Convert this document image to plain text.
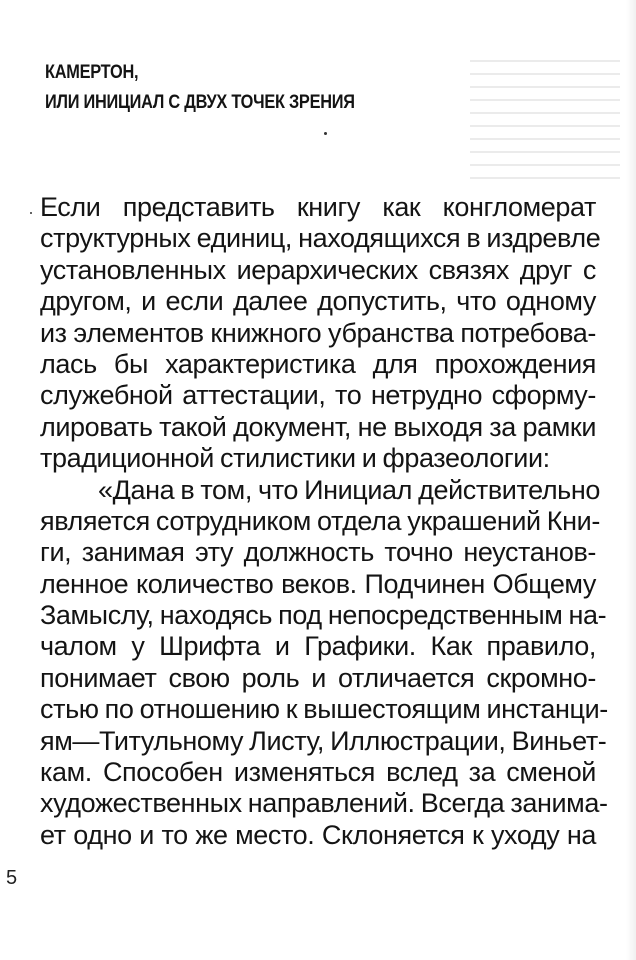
КАМЕРТОН,
ИЛИ ИНИЦИАЛ С ДВУХ ТОЧЕК ЗРЕНИЯ
Если представить книгу как конгломерат
структурных единиц, находящихся в издревле
установленных иерархических связях друг с
другом, и если далее допустить, что одному
из элементов книжного убранства потребова-
лась бы характеристика для прохождения
служебной аттестации, то нетрудно сформу-
лировать такой документ, не выходя за рамки
традиционной стилистики и фразеологии:
«Дана в том, что Инициал действительно
является сотрудником отдела украшений Кни-
ги, занимая эту должность точно неустанов-
ленное количество веков. Подчинен Общему
Замыслу, находясь под непосредственным на-
чалом у Шрифта и Графики. Как правило,
понимает свою роль и отличается скромно-
стью по отношению к вышестоящим инстанци-
ям—Титульному Листу, Иллюстрации, Виньет-
кам. Способен изменяться вслед за сменой
художественных направлений. Всегда занима-
ет одно и то же место. Склоняется к уходу на
5
